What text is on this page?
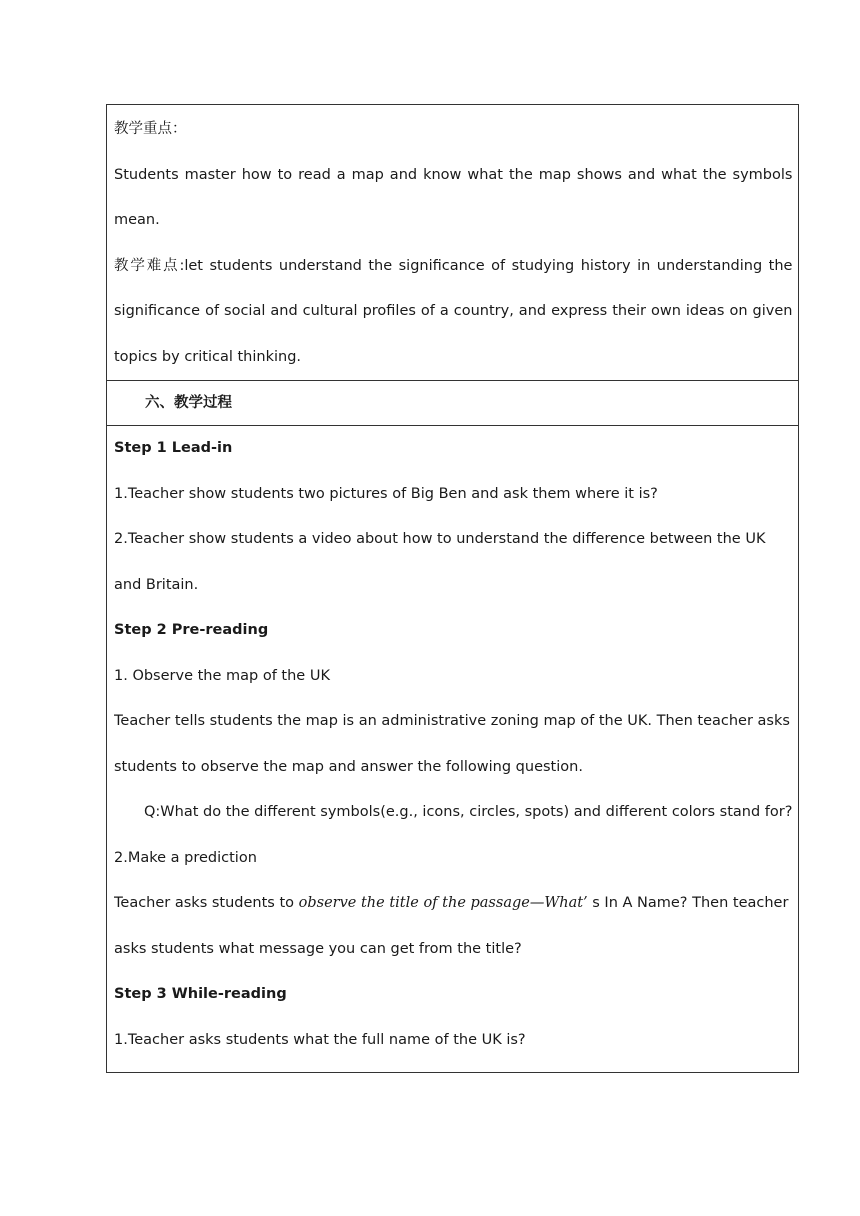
教学重点：

Students master how to read a map and know what the map shows and what the symbols

mean.

教学难点:let students understand the significance of studying history in understanding the

significance of social and cultural profiles of a country, and express their own ideas on given

topics by critical thinking.

六、教学过程

Step 1 Lead-in

1.Teacher show students two pictures of Big Ben and ask them where it is?

2.Teacher show students a video about how to understand the difference between the UK

and Britain.

Step 2 Pre-reading

1. Observe the map of the UK

Teacher tells students the map is an administrative zoning map of the UK. Then teacher asks

students to observe the map and answer the following question.

Q:What do the different symbols(e.g., icons, circles, spots) and different colors stand for?

2.Make a prediction

Teacher asks students to observe the title of the passage—What’ s In A Name? Then teacher

asks students what message you can get from the title?

Step 3 While-reading

1.Teacher asks students what the full name of the UK is?
